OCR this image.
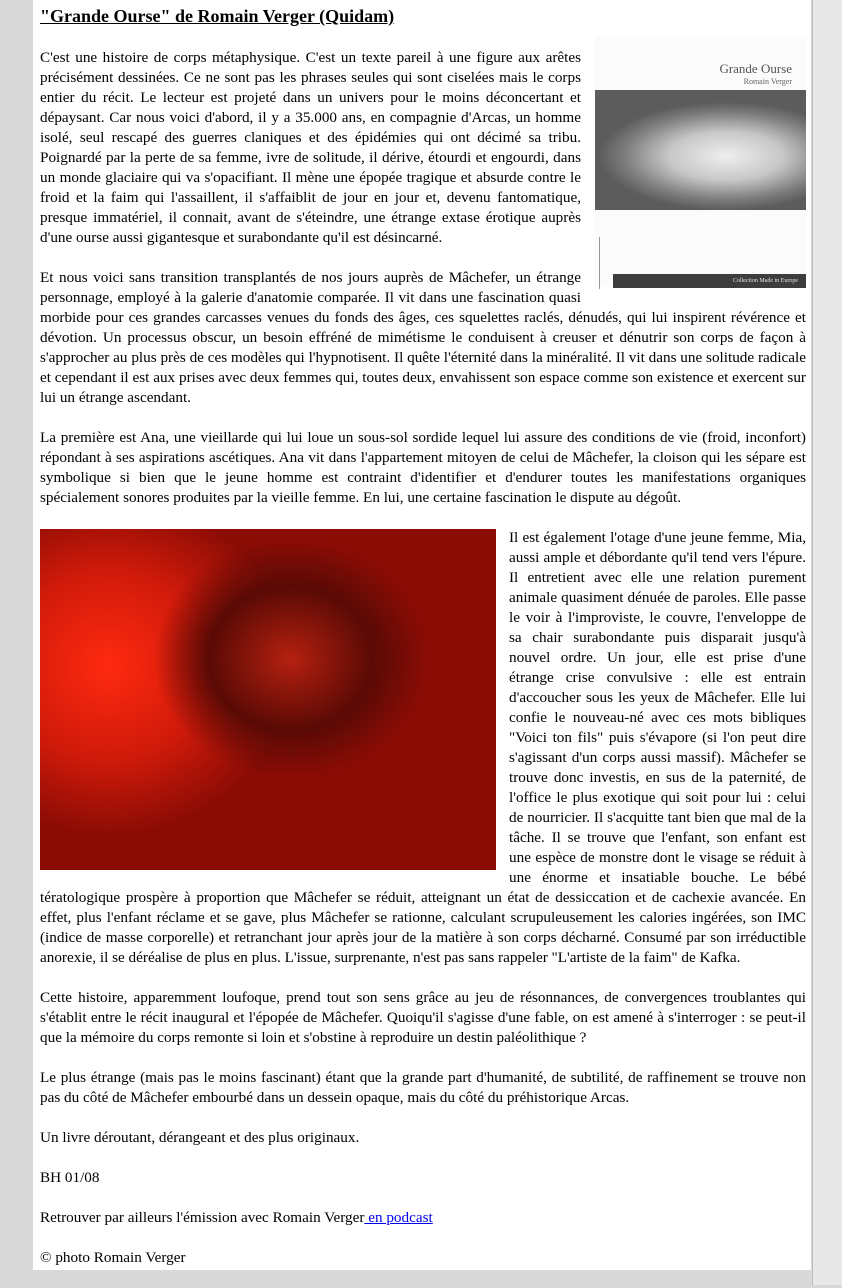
"Grande Ourse" de Romain Verger (Quidam)
Grande Ourse
Romain Verger
Collection Made in Europe

C'est une histoire de corps métaphysique. C'est un texte pareil à une figure aux arêtes précisément dessinées. Ce ne sont pas les phrases seules qui sont ciselées mais le corps entier du récit. Le lecteur est projeté dans un univers pour le moins déconcertant et dépaysant. Car nous voici d'abord, il y a 35.000 ans, en compagnie d'Arcas, un homme isolé, seul rescapé des guerres claniques et des épidémies qui ont décimé sa tribu. Poignardé par la perte de sa femme, ivre de solitude, il dérive, étourdi et engourdi, dans un monde glaciaire qui va s'opacifiant. Il mène une épopée tragique et absurde contre le froid et la faim qui l'assaillent, il s'affaiblit de jour en jour et, devenu fantomatique, presque immatériel, il connait, avant de s'éteindre, une étrange extase érotique auprès d'une ourse aussi gigantesque et surabondante qu'il est désincarné.

Et nous voici sans transition transplantés de nos jours auprès de Mâchefer, un étrange personnage, employé à la galerie d'anatomie comparée. Il vit dans une fascination quasi morbide pour ces grandes carcasses venues du fonds des âges, ces squelettes raclés, dénudés, qui lui inspirent révérence et dévotion. Un processus obscur, un besoin effréné de mimétisme le conduisent à creuser et dénutrir son corps de façon à s'approcher au plus près de ces modèles qui l'hypnotisent. Il quête l'éternité dans la minéralité. Il vit dans une solitude radicale et cependant il est aux prises avec deux femmes qui, toutes deux, envahissent son espace comme son existence et exercent sur lui un étrange ascendant.

La première est Ana, une vieillarde qui lui loue un sous-sol sordide lequel lui assure des conditions de vie (froid, inconfort) répondant à ses aspirations ascétiques. Ana vit dans l'appartement mitoyen de celui de Mâchefer, la cloison qui les sépare est symbolique si bien que le jeune homme est contraint d'identifier et d'endurer toutes les manifestations organiques spécialement sonores produites par la vieille femme. En lui, une certaine fascination le dispute au dégoût.

Il est également l'otage d'une jeune femme, Mia, aussi ample et débordante qu'il tend vers l'épure. Il entretient avec elle une relation purement animale quasiment dénuée de paroles. Elle passe le voir à l'improviste, le couvre, l'enveloppe de sa chair surabondante puis disparait jusqu'à nouvel ordre. Un jour, elle est prise d'une étrange crise convulsive : elle est entrain d'accoucher sous les yeux de Mâchefer. Elle lui confie le nouveau-né avec ces mots bibliques "Voici ton fils" puis s'évapore (si l'on peut dire s'agissant d'un corps aussi massif). Mâchefer se trouve donc investis, en sus de la paternité, de l'office le plus exotique qui soit pour lui : celui de nourricier. Il s'acquitte tant bien que mal de la tâche. Il se trouve que l'enfant, son enfant est une espèce de monstre dont le visage se réduit à une énorme et insatiable bouche. Le bébé tératologique prospère à proportion que Mâchefer se réduit, atteignant un état de dessiccation et de cachexie avancée. En effet, plus l'enfant réclame et se gave, plus Mâchefer se rationne, calculant scrupuleusement les calories ingérées, son IMC (indice de masse corporelle) et retranchant jour après jour de la matière à son corps décharné. Consumé par son irréductible anorexie, il se déréalise de plus en plus. L'issue, surprenante, n'est pas sans rappeler "L'artiste de la faim" de Kafka.

Cette histoire, apparemment loufoque, prend tout son sens grâce au jeu de résonnances, de convergences troublantes qui s'établit entre le récit inaugural et l'épopée de Mâchefer. Quoiqu'il s'agisse d'une fable, on est amené à s'interroger : se peut-il que la mémoire du corps remonte si loin et s'obstine à reproduire un destin paléolithique ?

Le plus étrange (mais pas le moins fascinant) étant que la grande part d'humanité, de subtilité, de raffinement se trouve non pas du côté de Mâchefer embourbé dans un dessein opaque, mais du côté du préhistorique Arcas.

Un livre déroutant, dérangeant et des plus originaux.

BH 01/08

Retrouver par ailleurs l'émission avec Romain Verger en podcast

© photo Romain Verger
